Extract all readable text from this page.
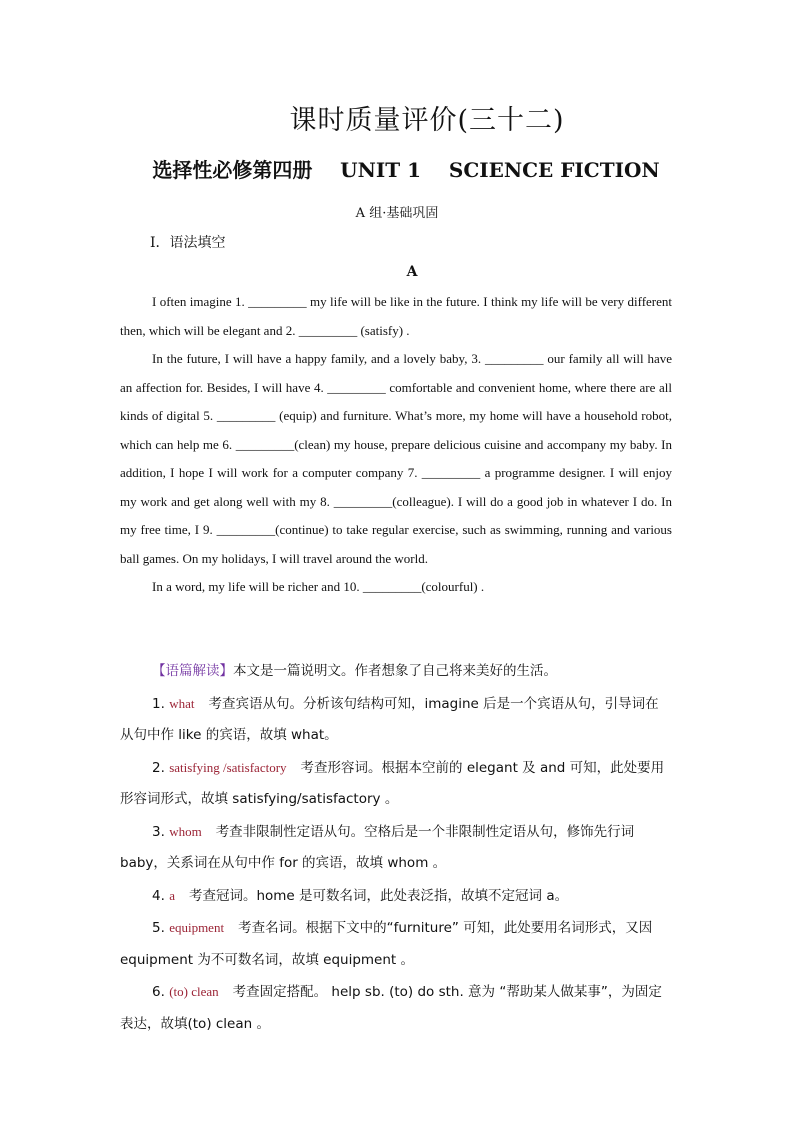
课时质量评价(三十二)
选择性必修第四册    UNIT 1    SCIENCE FICTION
A 组·基础巩固
Ⅰ．语法填空
A

I often imagine 1. _________ my life will be like in the future. I think my life will be very different then, which will be elegant and 2. _________ (satisfy) .

In the future, I will have a happy family, and a lovely baby, 3. _________ our family all will have an affection for. Besides, I will have 4. _________ comfortable and convenient home, where there are all kinds of digital 5. _________ (equip) and furniture. What’s more, my home will have a household robot, which can help me 6. _________(clean) my house, prepare delicious cuisine and accompany my baby. In addition, I hope I will work for a computer company 7. _________ a programme designer. I will enjoy my work and get along well with my 8. _________(colleague). I will do a good job in whatever I do. In my free time, I 9. _________(continue) to take regular exercise, such as swimming, running and various ball games. On my holidays, I will travel around the world.

In a word, my life will be richer and 10. _________(colourful) .

【语篇解读】本文是一篇说明文。作者想象了自己将来美好的生活。

1. what 考查宾语从句。分析该句结构可知，imagine 后是一个宾语从句，引导词在从句中作 like 的宾语，故填 what。

2. satisfying /satisfactory 考查形容词。根据本空前的 elegant 及 and 可知，此处要用形容词形式，故填 satisfying/satisfactory 。

3. whom 考查非限制性定语从句。空格后是一个非限制性定语从句，修饰先行词 baby，关系词在从句中作 for 的宾语，故填 whom 。

4. a 考查冠词。home 是可数名词，此处表泛指，故填不定冠词 a。

5. equipment 考查名词。根据下文中的“furniture” 可知，此处要用名词形式，又因 equipment 为不可数名词，故填 equipment 。

6. (to) clean 考查固定搭配。 help sb. (to) do sth. 意为 “帮助某人做某事”，为固定表达，故填(to) clean 。
